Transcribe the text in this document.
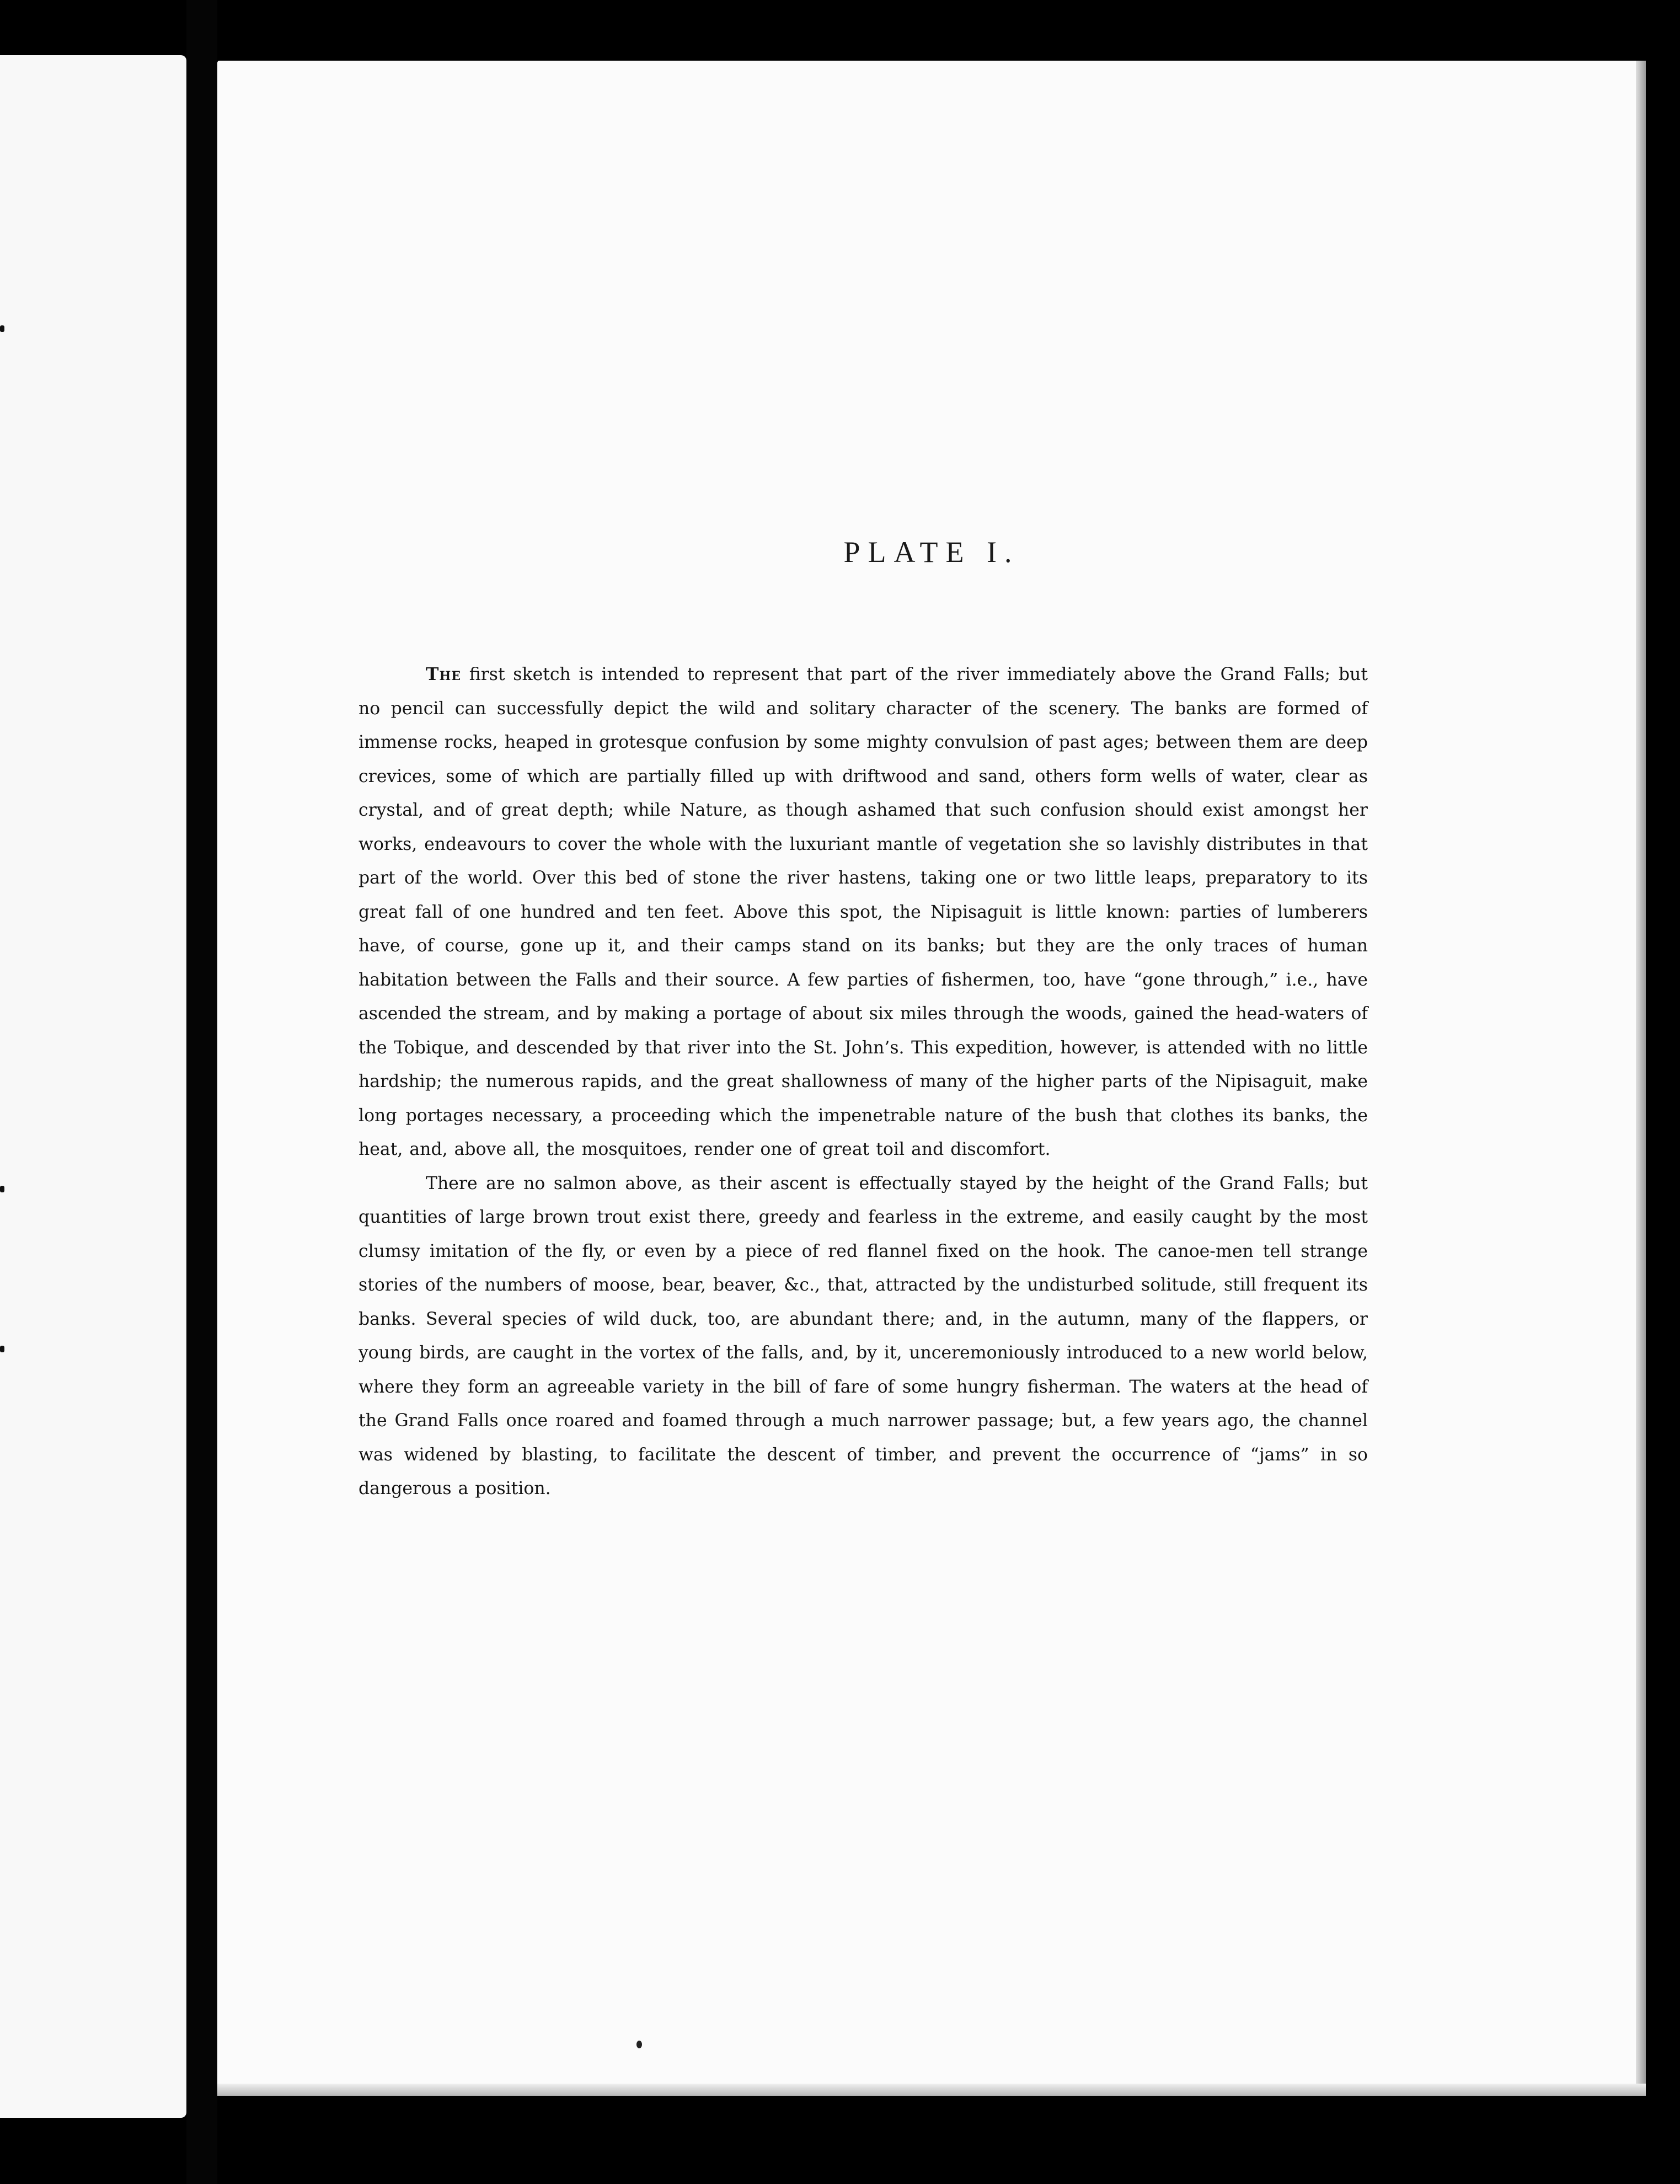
PLATE I.

The first sketch is intended to represent that part of the river immediately above the Grand Falls; but no pencil can successfully depict the wild and solitary character of the scenery. The banks are formed of immense rocks, heaped in grotesque confusion by some mighty convulsion of past ages; between them are deep crevices, some of which are partially filled up with driftwood and sand, others form wells of water, clear as crystal, and of great depth; while Nature, as though ashamed that such confusion should exist amongst her works, endeavours to cover the whole with the luxuriant mantle of vegetation she so lavishly distributes in that part of the world. Over this bed of stone the river hastens, taking one or two little leaps, preparatory to its great fall of one hundred and ten feet. Above this spot, the Nipisaguit is little known: parties of lumberers have, of course, gone up it, and their camps stand on its banks; but they are the only traces of human habitation between the Falls and their source. A few parties of fishermen, too, have “gone through,” i.e., have ascended the stream, and by making a portage of about six miles through the woods, gained the head-waters of the Tobique, and descended by that river into the St. John’s. This expedition, however, is attended with no little hardship; the numerous rapids, and the great shallowness of many of the higher parts of the Nipisaguit, make long portages necessary, a proceeding which the impenetrable nature of the bush that clothes its banks, the heat, and, above all, the mosquitoes, render one of great toil and discomfort.

There are no salmon above, as their ascent is effectually stayed by the height of the Grand Falls; but quantities of large brown trout exist there, greedy and fearless in the extreme, and easily caught by the most clumsy imitation of the fly, or even by a piece of red flannel fixed on the hook. The canoe-men tell strange stories of the numbers of moose, bear, beaver, &c., that, attracted by the undisturbed solitude, still frequent its banks. Several species of wild duck, too, are abundant there; and, in the autumn, many of the flappers, or young birds, are caught in the vortex of the falls, and, by it, unceremoniously introduced to a new world below, where they form an agreeable variety in the bill of fare of some hungry fisherman. The waters at the head of the Grand Falls once roared and foamed through a much narrower passage; but, a few years ago, the channel was widened by blasting, to facilitate the descent of timber, and prevent the occurrence of “jams” in so dangerous a position.
